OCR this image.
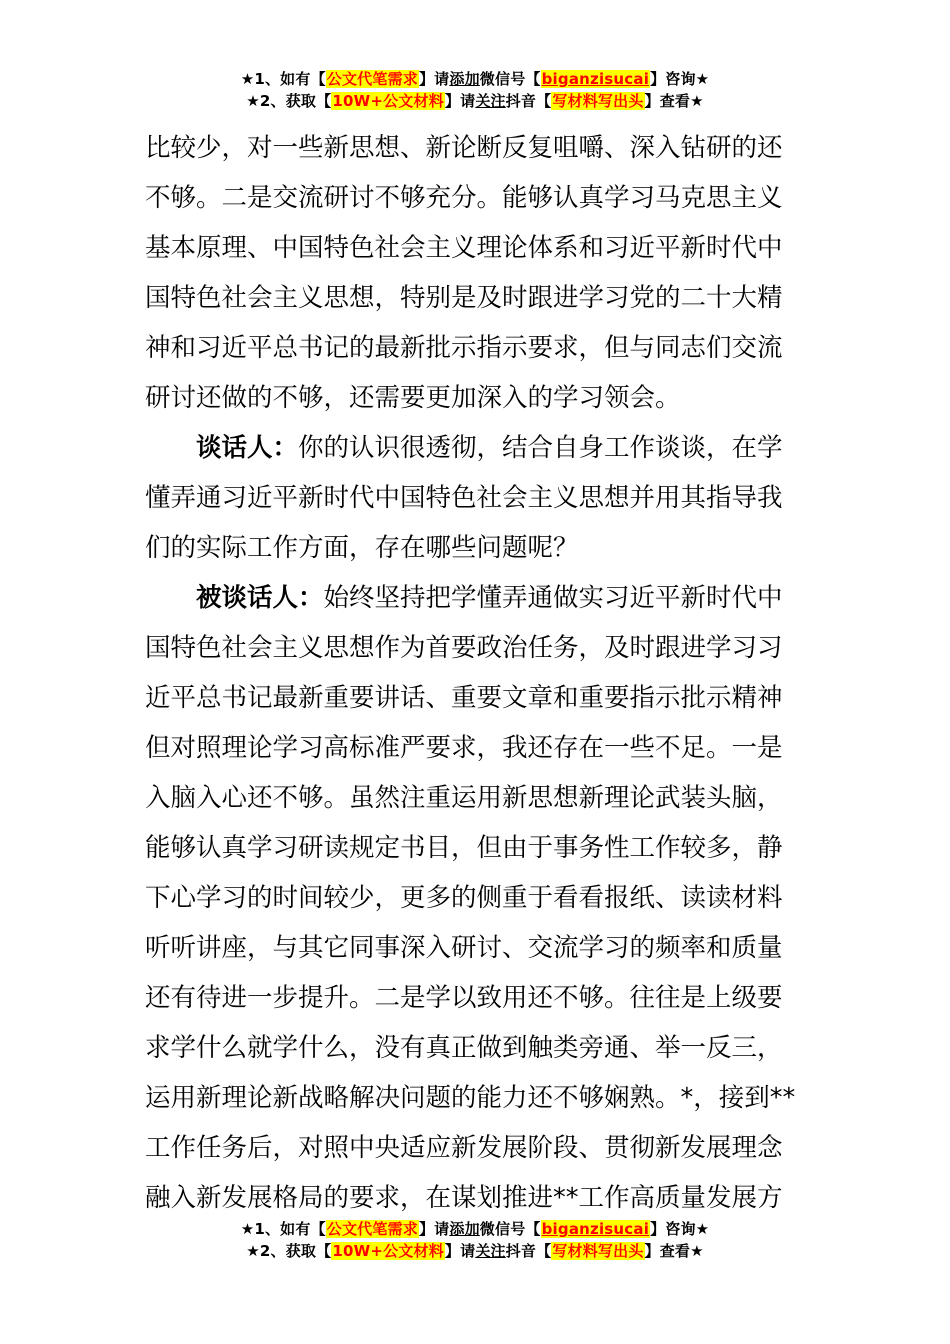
★1、如有【公文代笔需求】请添加微信号【biganzisucai】咨询★
★2、获取【10W+公文材料】请关注抖音【写材料写出头】查看★
比较少，对一些新思想、新论断反复咀嚼、深入钻研的还
不够。二是交流研讨不够充分。能够认真学习马克思主义
基本原理、中国特色社会主义理论体系和习近平新时代中
国特色社会主义思想，特别是及时跟进学习党的二十大精
神和习近平总书记的最新批示指示要求，但与同志们交流
研讨还做的不够，还需要更加深入的学习领会。
谈话人：你的认识很透彻，结合自身工作谈谈，在学
懂弄通习近平新时代中国特色社会主义思想并用其指导我
们的实际工作方面，存在哪些问题呢？
被谈话人：始终坚持把学懂弄通做实习近平新时代中
国特色社会主义思想作为首要政治任务，及时跟进学习习
近平总书记最新重要讲话、重要文章和重要指示批示精神
但对照理论学习高标准严要求，我还存在一些不足。一是
入脑入心还不够。虽然注重运用新思想新理论武装头脑，
能够认真学习研读规定书目，但由于事务性工作较多，静
下心学习的时间较少，更多的侧重于看看报纸、读读材料
听听讲座，与其它同事深入研讨、交流学习的频率和质量
还有待进一步提升。二是学以致用还不够。往往是上级要
求学什么就学什么，没有真正做到触类旁通、举一反三，
运用新理论新战略解决问题的能力还不够娴熟。*，接到**
工作任务后，对照中央适应新发展阶段、贯彻新发展理念
融入新发展格局的要求，在谋划推进**工作高质量发展方
★1、如有【公文代笔需求】请添加微信号【biganzisucai】咨询★
★2、获取【10W+公文材料】请关注抖音【写材料写出头】查看★
